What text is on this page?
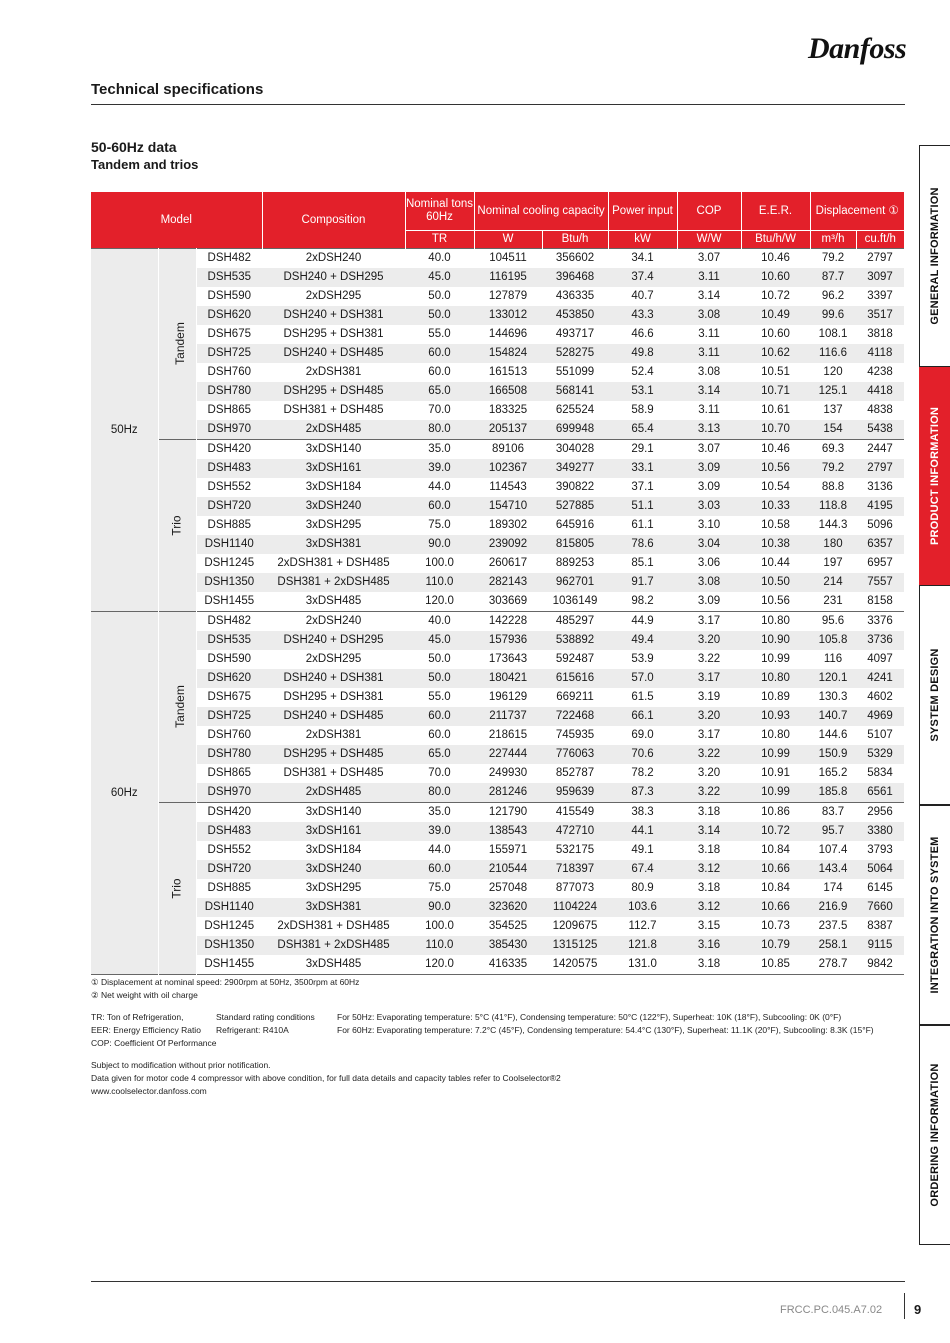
Danfoss
Technical specifications
50-60Hz data
Tandem and trios
Model			Composition	Nominal tons 60Hz	Nominal cooling capacity		Power input	COP	E.E.R.	Displacement ①	
				TR	W	Btu/h	kW	W/W	Btu/h/W	m³/h	cu.ft/h
50Hz	Tandem	DSH482	2xDSH240	40.0	104511	356602	34.1	3.07	10.46	79.2	2797
		DSH535	DSH240 + DSH295	45.0	116195	396468	37.4	3.11	10.60	87.7	3097
		DSH590	2xDSH295	50.0	127879	436335	40.7	3.14	10.72	96.2	3397
		DSH620	DSH240 + DSH381	50.0	133012	453850	43.3	3.08	10.49	99.6	3517
		DSH675	DSH295 + DSH381	55.0	144696	493717	46.6	3.11	10.60	108.1	3818
		DSH725	DSH240 + DSH485	60.0	154824	528275	49.8	3.11	10.62	116.6	4118
		DSH760	2xDSH381	60.0	161513	551099	52.4	3.08	10.51	120	4238
		DSH780	DSH295 + DSH485	65.0	166508	568141	53.1	3.14	10.71	125.1	4418
		DSH865	DSH381 + DSH485	70.0	183325	625524	58.9	3.11	10.61	137	4838
		DSH970	2xDSH485	80.0	205137	699948	65.4	3.13	10.70	154	5438
	Trio	DSH420	3xDSH140	35.0	89106	304028	29.1	3.07	10.46	69.3	2447
		DSH483	3xDSH161	39.0	102367	349277	33.1	3.09	10.56	79.2	2797
		DSH552	3xDSH184	44.0	114543	390822	37.1	3.09	10.54	88.8	3136
		DSH720	3xDSH240	60.0	154710	527885	51.1	3.03	10.33	118.8	4195
		DSH885	3xDSH295	75.0	189302	645916	61.1	3.10	10.58	144.3	5096
		DSH1140	3xDSH381	90.0	239092	815805	78.6	3.04	10.38	180	6357
		DSH1245	2xDSH381 + DSH485	100.0	260617	889253	85.1	3.06	10.44	197	6957
		DSH1350	DSH381 + 2xDSH485	110.0	282143	962701	91.7	3.08	10.50	214	7557
		DSH1455	3xDSH485	120.0	303669	1036149	98.2	3.09	10.56	231	8158
60Hz	Tandem	DSH482	2xDSH240	40.0	142228	485297	44.9	3.17	10.80	95.6	3376
		DSH535	DSH240 + DSH295	45.0	157936	538892	49.4	3.20	10.90	105.8	3736
		DSH590	2xDSH295	50.0	173643	592487	53.9	3.22	10.99	116	4097
		DSH620	DSH240 + DSH381	50.0	180421	615616	57.0	3.17	10.80	120.1	4241
		DSH675	DSH295 + DSH381	55.0	196129	669211	61.5	3.19	10.89	130.3	4602
		DSH725	DSH240 + DSH485	60.0	211737	722468	66.1	3.20	10.93	140.7	4969
		DSH760	2xDSH381	60.0	218615	745935	69.0	3.17	10.80	144.6	5107
		DSH780	DSH295 + DSH485	65.0	227444	776063	70.6	3.22	10.99	150.9	5329
		DSH865	DSH381 + DSH485	70.0	249930	852787	78.2	3.20	10.91	165.2	5834
		DSH970	2xDSH485	80.0	281246	959639	87.3	3.22	10.99	185.8	6561
	Trio	DSH420	3xDSH140	35.0	121790	415549	38.3	3.18	10.86	83.7	2956
		DSH483	3xDSH161	39.0	138543	472710	44.1	3.14	10.72	95.7	3380
		DSH552	3xDSH184	44.0	155971	532175	49.1	3.18	10.84	107.4	3793
		DSH720	3xDSH240	60.0	210544	718397	67.4	3.12	10.66	143.4	5064
		DSH885	3xDSH295	75.0	257048	877073	80.9	3.18	10.84	174	6145
		DSH1140	3xDSH381	90.0	323620	1104224	103.6	3.12	10.66	216.9	7660
		DSH1245	2xDSH381 + DSH485	100.0	354525	1209675	112.7	3.15	10.73	237.5	8387
		DSH1350	DSH381 + 2xDSH485	110.0	385430	1315125	121.8	3.16	10.79	258.1	9115
		DSH1455	3xDSH485	120.0	416335	1420575	131.0	3.18	10.85	278.7	9842
① Displacement at nominal speed: 2900rpm at 50Hz, 3500rpm at 60Hz
② Net weight with oil charge
TR: Ton of Refrigeration,
EER: Energy Efficiency Ratio
COP: Coefficient Of Performance
Standard rating conditions
Refrigerant: R410A
For 50Hz: Evaporating temperature: 5°C (41°F), Condensing temperature: 50°C (122°F), Superheat: 10K (18°F), Subcooling: 0K (0°F)
For 60Hz: Evaporating temperature: 7.2°C (45°F), Condensing temperature: 54.4°C (130°F), Superheat: 11.1K (20°F), Subcooling: 8.3K (15°F)
Subject to modification without prior notification.
Data given for motor code 4 compressor with above condition, for full data details and capacity tables refer to Coolselector®2
www.coolselector.danfoss.com
FRCC.PC.045.A7.02 9
GENERAL INFORMATION
PRODUCT INFORMATION
SYSTEM DESIGN
INTEGRATION INTO SYSTEM
ORDERING INFORMATION
